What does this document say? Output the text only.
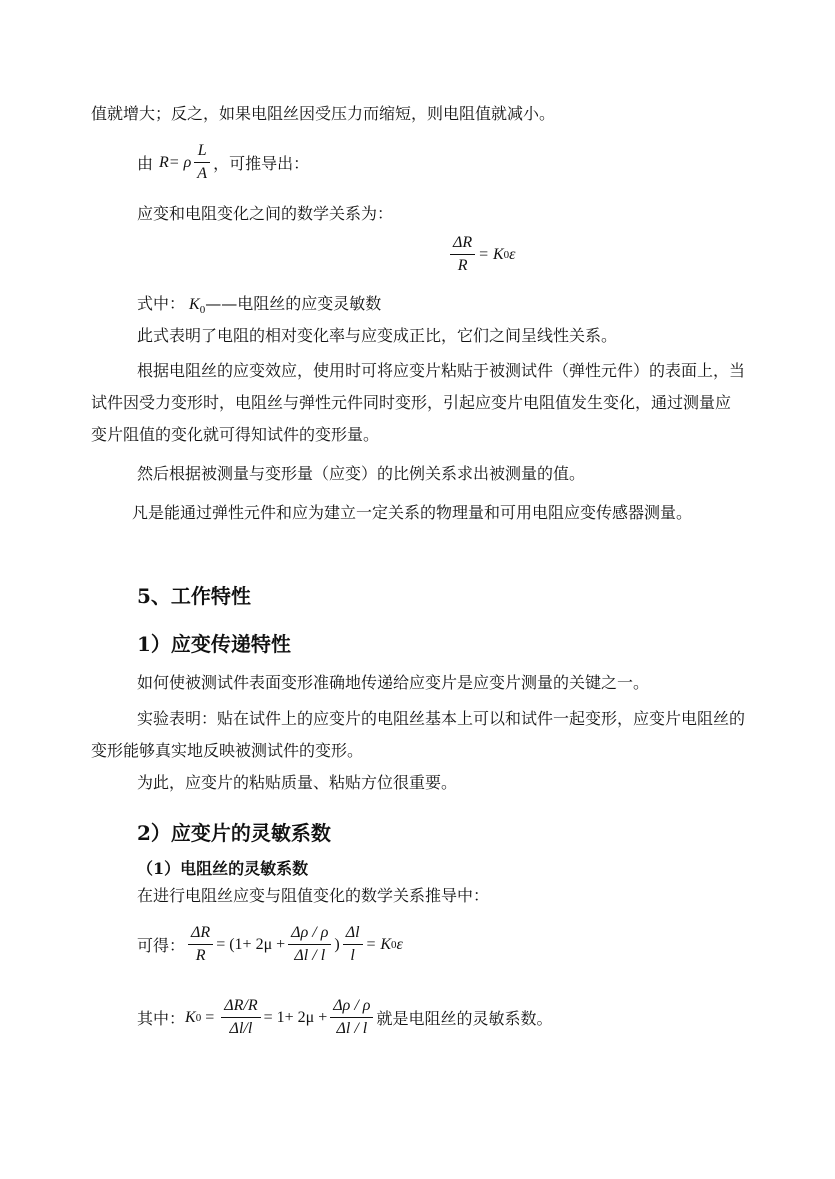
值就增大；反之，如果电阻丝因受压力而缩短，则电阻值就减小。
由 R = ρ $\frac{L}{A}$ ，可推导出：
应变和电阻变化之间的数学关系为：
$\frac{\Delta R}{R} = K$ 0 ε
式中： $K_0——$电阻丝的应变灵敏数
此式表明了电阻的相对变化率与应变成正比，它们之间呈线性关系。
根据电阻丝的应变效应，使用时可将应变片粘贴于被测试件（弹性元件）的表面上，当试件因受力变形时，电阻丝与弹性元件同时变形，引起应变片电阻值发生变化，通过测量应变片阻值的变化就可得知试件的变形量。
然后根据被测量与变形量（应变）的比例关系求出被测量的值。
凡是能通过弹性元件和应为建立一定关系的物理量和可用电阻应变传感器测量。
5、工作特性
1）应变传递特性
如何使被测试件表面变形准确地传递给应变片是应变片测量的关键之一。
实验表明：贴在试件上的应变片的电阻丝基本上可以和试件一起变形，应变片电阻丝的变形能够真实地反映被测试件的变形。
为此，应变片的粘贴质量、粘贴方位很重要。
2）应变片的灵敏系数
（1）电阻丝的灵敏系数
在进行电阻丝应变与阻值变化的数学关系推导中：
可得： $\frac{\Delta R}{R} = (1+ 2\mu + \frac{\Delta\rho / \rho}{\Delta l / l}$ ) $\frac{\Delta l}{l} = K$ 0 ε
其中： K $0 = \frac{\Delta R/R}{\Delta l/l} = 1+ 2\mu + \frac{\Delta\rho / \rho}{\Delta l / l}$ 就是电阻丝的灵敏系数。
